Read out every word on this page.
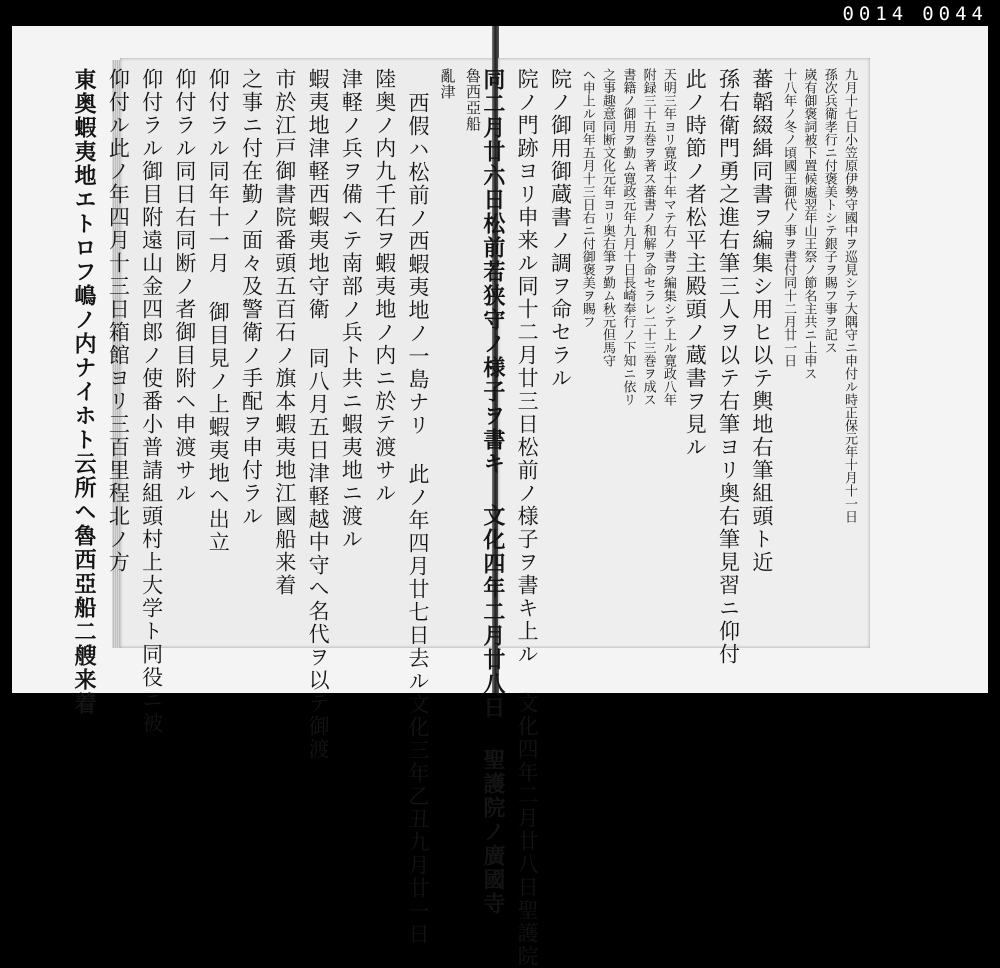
0014 0044
魯西亞船
亂津
西假ハ松前ノ西蝦夷地ノ一島ナリ 此ノ年四月廿七日去ル文化三年乙丑九月廿一日
陸奥ノ内九千石ヲ蝦夷地ノ内ニ於テ渡サル
津軽ノ兵ヲ備ヘテ南部ノ兵ト共ニ蝦夷地ニ渡ル
蝦夷地津軽西蝦夷地守衛 同八月五日津軽越中守へ名代ヲ以テ御渡
市於江戸御書院番頭五百石ノ旗本蝦夷地江國船来着
之事ニ付在勤ノ面々及警衛ノ手配ヲ申付ラル
仰付ラル同年十一月 御目見ノ上蝦夷地ヘ出立
仰付ラル同日右同断ノ者御目附ヘ申渡サル
仰付ラル御目附遠山金四郎ノ使番小普請組頭村上大学ト同役ニ被
仰付ル此ノ年四月十三日箱館ヨリ三百里程北ノ方
東奥蝦夷地エトロフ嶋ノ内ナイホト云所ヘ魯西亞船二艘来着	九月十七日小笠原伊勢守國中ヲ巡見シテ大隅守ニ申付ル時正保元年十月十一日
孫次兵衛孝行ニ付褒美トシテ銀子ヲ賜フ事ヲ記ス
嵗有御褒詞被下置候處翌年山王祭ノ節名主共ニ上申ス
十八年ノ冬ノ頃國王御代ノ事ヲ書付同十二月廿一日
蕃韜綴緝同書ヲ編集シ用ヒ以テ輿地右筆組頭ト近
孫右衛門勇之進右筆三人ヲ以テ右筆ヨリ奥右筆見習ニ仰付
此ノ時節ノ者松平主殿頭ノ蔵書ヲ見ル
天明三年ヨリ寛政十年マテ右ノ書ヲ編集シテ上ル寛政八年
附録三十五巻ヲ著ス蕃書ノ和解ヲ命セラレ二十三巻ヲ成ス
書籍ノ御用ヲ勤ム寛政元年九月十日長崎奉行ノ下知ニ依リ
之事趣意同断文化元年ヨリ奥右筆ヲ勤ム秋元但馬守
ヘ申上ル同年五月十三日右ニ付御褒美ヲ賜フ
院ノ御用御蔵書ノ調ヲ命セラル
院ノ門跡ヨリ申来ル同十二月廿三日松前ノ様子ヲ書キ上ル 文化四年二月廿八日聖護院
同二月廿六日松前若狭守ノ様子ヲ書キ 文化四年二月廿八日 聖護院ノ廣國寺
